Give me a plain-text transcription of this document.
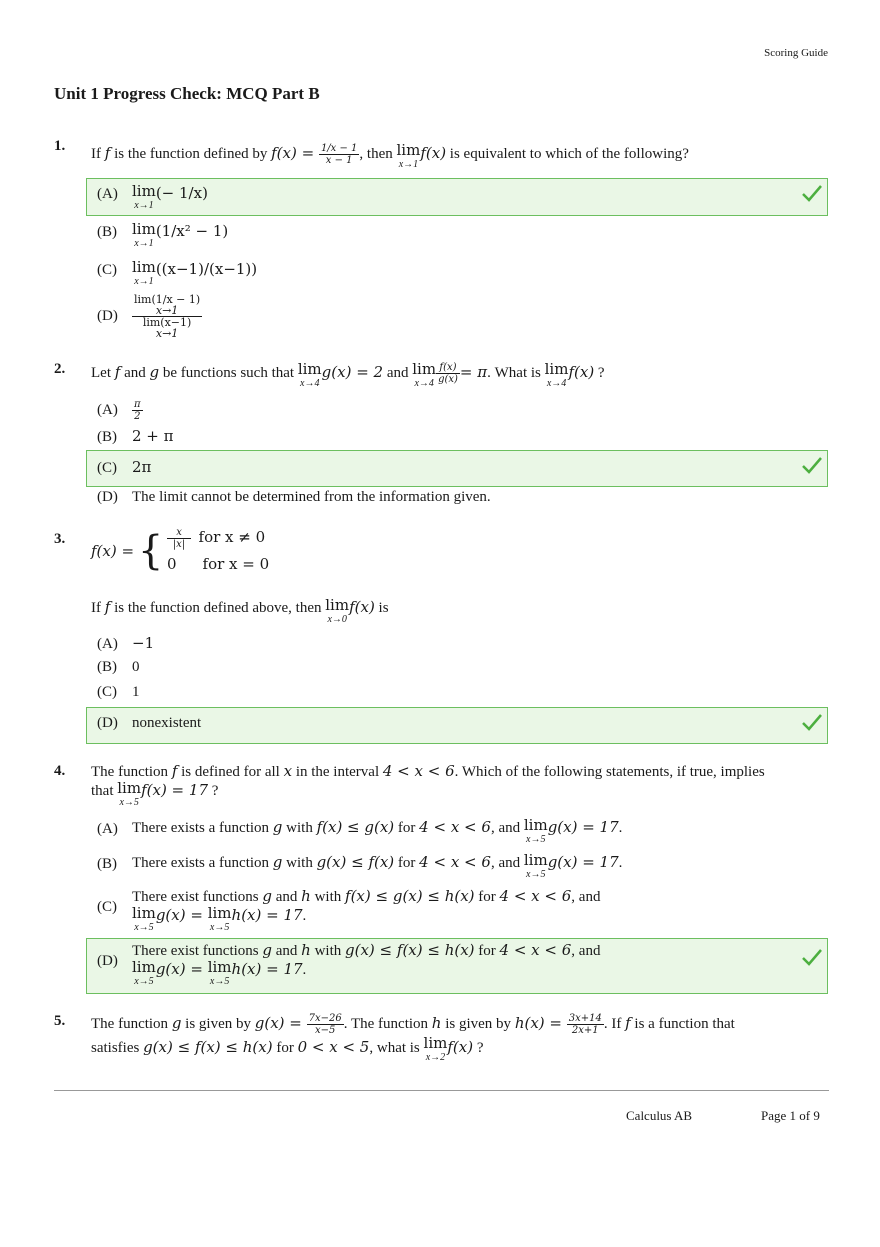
Scoring Guide
Unit 1 Progress Check: MCQ Part B
1. If f is the function defined by $f(x) = \frac{1/x - 1}{x - 1}$ , then lim
x→1
f(x) is equivalent to which of the following?
(A) lim
x→1
(− 1/x)
(B) lim
x→1
(1/x² − 1)
(C) lim
x→1
((x−1)/(x−1))
(D)
lim(1/x − 1)
x→1
lim(x−1)
x→1
2. Let f and g be functions such that lim
x→4
g(x) = 2 and lim
$x\to 4 \frac{f(x)}{g(x)} = \pi$. What is lim
x→4
f(x) ?
$(A) \frac{\pi}{2}$
(B) 2 + π
(C) 2π
(D) The limit cannot be determined from the information given.
3.
f(x) = { $\frac{x}{|x|}$ for x ≠ 0
0 for x = 0
If f is the function defined above, then lim
x→0
f(x) is
(A) −1
(B) 0
(C) 1
(D) nonexistent
4. The function f is defined for all x in the interval 4 < x < 6. Which of the following statements, if true, implies
that lim
x→5
f(x) = 17 ?
(A) There exists a function g with f(x) ≤ g(x) for 4 < x < 6, and lim
x→5
g(x) = 17.
(B) There exists a function g with g(x) ≤ f(x) for 4 < x < 6, and lim
x→5
g(x) = 17.
(C)There exist functions g and h with f(x) ≤ g(x) ≤ h(x) for 4 < x < 6, and
lim
x→5
g(x) = lim
x→5
h(x) = 17.
(D)There exist functions g and h with g(x) ≤ f(x) ≤ h(x) for 4 < x < 6, and
lim
x→5
g(x) = lim
x→5
h(x) = 17.
5. The function g is given by $g(x) = \frac{7x-26}{x-5}$ . The function h is given by $h(x) = \frac{3x+14}{2x+1}$ . If f is a function that
satisfies g(x) ≤ f(x) ≤ h(x) for 0 < x < 5, what is lim
x→2
f(x) ?
Calculus AB	Page 1 of 9
